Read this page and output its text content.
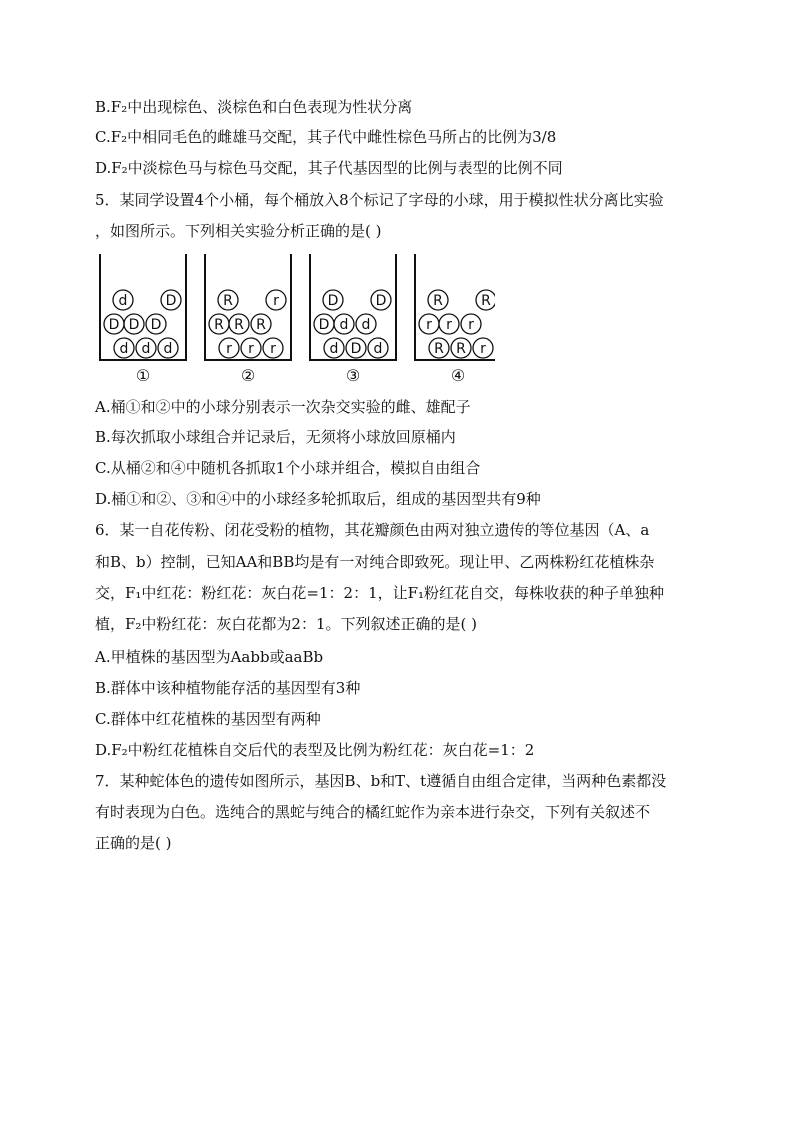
B.F₂中出现棕色、淡棕色和白色表现为性状分离
C.F₂中相同毛色的雌雄马交配，其子代中雌性棕色马所占的比例为3/8
D.F₂中淡棕色马与棕色马交配，其子代基因型的比例与表型的比例不同
5．某同学设置4个小桶，每个桶放入8个标记了字母的小球，用于模拟性状分离比实验
，如图所示。下列相关实验分析正确的是( )
d	D
D D D
d d d
①
R	r
R R R
r r r
②
D	D
D d d
d D d
③
R	R
r r r
R R r
④
A.桶①和②中的小球分别表示一次杂交实验的雌、雄配子
B.每次抓取小球组合并记录后，无须将小球放回原桶内
C.从桶②和④中随机各抓取1个小球并组合，模拟自由组合
D.桶①和②、③和④中的小球经多轮抓取后，组成的基因型共有9种
6．某一自花传粉、闭花受粉的植物，其花瓣颜色由两对独立遗传的等位基因（A、a
和B、b）控制，已知AA和BB均是有一对纯合即致死。现让甲、乙两株粉红花植株杂
交，F₁中红花：粉红花：灰白花=1：2：1，让F₁粉红花自交，每株收获的种子单独种
植，F₂中粉红花：灰白花都为2：1。下列叙述正确的是( )
A.甲植株的基因型为Aabb或aaBb
B.群体中该种植物能存活的基因型有3种
C.群体中红花植株的基因型有两种
D.F₂中粉红花植株自交后代的表型及比例为粉红花：灰白花=1：2
7．某种蛇体色的遗传如图所示，基因B、b和T、t遵循自由组合定律，当两种色素都没
有时表现为白色。选纯合的黑蛇与纯合的橘红蛇作为亲本进行杂交，下列有关叙述不
正确的是( )
